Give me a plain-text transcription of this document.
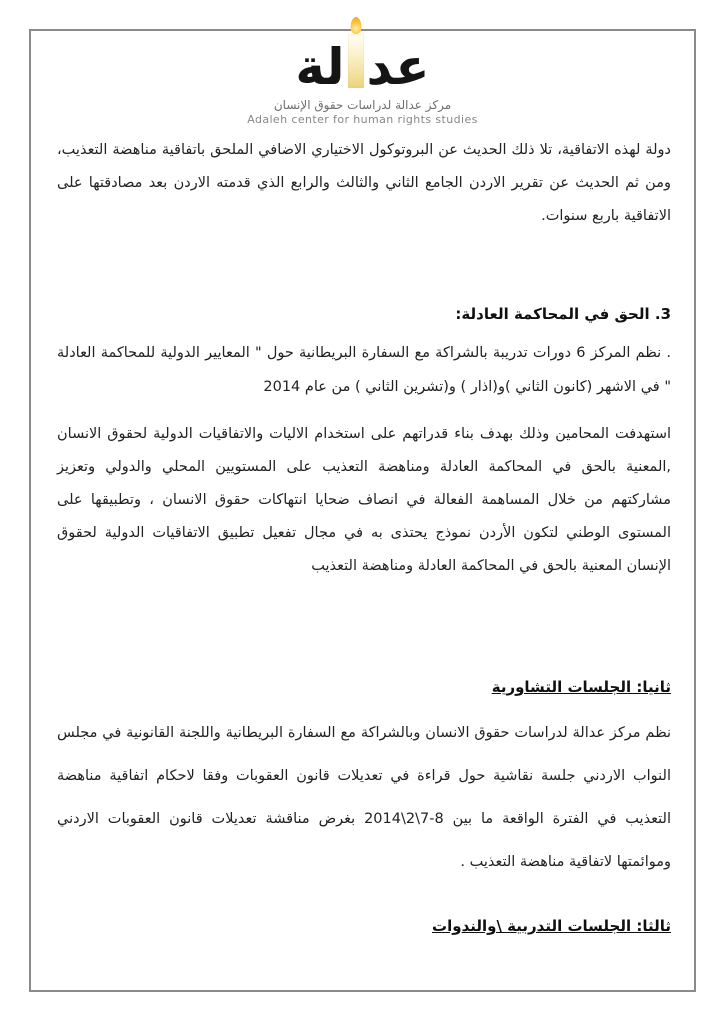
عد
لة
مركز عدالة لدراسات حقوق الإنسان
Adaleh center for human rights studies

دولة لهذه الاتفاقية، تلا ذلك الحديث عن البروتوكول الاختياري الاضافي الملحق باتفاقية مناهضة التعذيب، ومن ثم الحديث عن تقرير الاردن الجامع الثاني والثالث والرابع الذي قدمته الاردن بعد مصادقتها على الاتفاقية باربع سنوات.

3. الحق في المحاكمة العادلة:

. نظم المركز 6 دورات تدريبة بالشراكة مع السفارة البريطانية حول " المعايير الدولية للمحاكمة العادلة " في الاشهر (كانون الثاني )و(اذار ) و(تشرين الثاني ) من عام 2014

استهدفت المحامين وذلك بهدف بناء قدراتهم على استخدام الاليات والاتفاقيات الدولية لحقوق الانسان ,المعنية بالحق في المحاكمة العادلة ومناهضة التعذيب على المستويين المحلي والدولي وتعزيز مشاركتهم من خلال المساهمة الفعالة في انصاف ضحايا انتهاكات حقوق الانسان ، وتطبيقها على المستوى الوطني لتكون الأردن نموذج يحتذى به في مجال تفعيل تطبيق الاتفاقيات الدولية لحقوق الإنسان المعنية بالحق في المحاكمة العادلة ومناهضة التعذيب

ثانيا: الجلسات التشاورية

نظم مركز عدالة لدراسات حقوق الانسان وبالشراكة مع السفارة البريطانية واللجنة القانونية في مجلس النواب الاردني جلسة نقاشية حول قراءة في تعديلات قانون العقوبات وفقا لاحكام اتفاقية مناهضة التعذيب في الفترة الواقعة ما بين 8-7\2\2014 بغرض مناقشة تعديلات قانون العقوبات الاردني وموائمتها لاتفاقية مناهضة التعذيب .

ثالثا: الجلسات التدربية \والندوات
